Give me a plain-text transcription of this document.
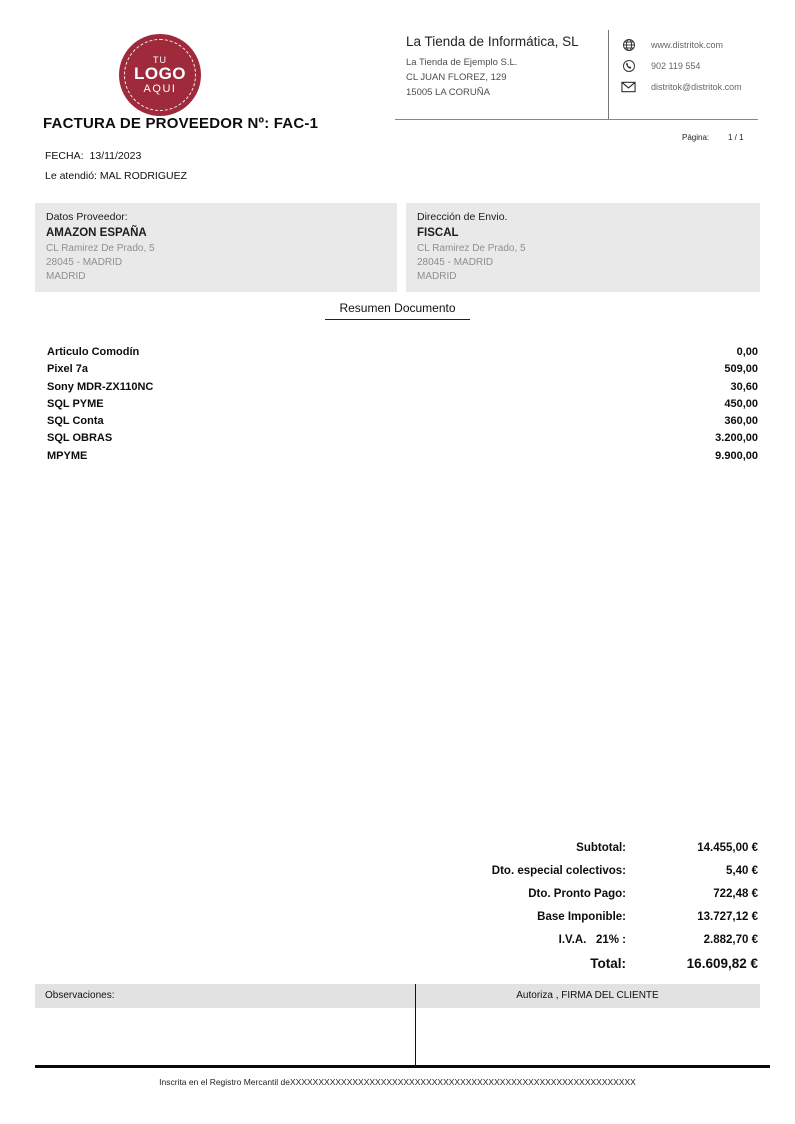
TU
LOGO
AQUI
La Tienda de Informática, SL
La Tienda de Ejemplo S.L.
CL JUAN FLOREZ, 129
15005 LA CORUÑA
www.distritok.com
902 119 554
distritok@distritok.com
FACTURA DE PROVEEDOR Nº: FAC-1
Página: 1 / 1
FECHA: 13/11/2023
Le atendió: MAL RODRIGUEZ
Datos Proveedor:
AMAZON ESPAÑA
CL Ramirez De Prado, 5
28045 - MADRID
MADRID
Dirección de Envio.
FISCAL
CL Ramirez De Prado, 5
28045 - MADRID
MADRID
Resumen Documento
Articulo Comodín	0,00
Pixel 7a	509,00
Sony MDR-ZX110NC	30,60
SQL PYME	450,00
SQL Conta	360,00
SQL OBRAS	3.200,00
MPYME	9.900,00
Subtotal:	14.455,00 €
Dto. especial colectivos:	5,40 €
Dto. Pronto Pago:	722,48 €
Base Imponible:	13.727,12 €
I.V.A.   21% :	2.882,70 €
Total:	16.609,82 €
Observaciones:	Autoriza , FIRMA DEL CLIENTE
Inscrita en el Registro Mercantil deXXXXXXXXXXXXXXXXXXXXXXXXXXXXXXXXXXXXXXXXXXXXXXXXXXXXXXXXXXXXX
